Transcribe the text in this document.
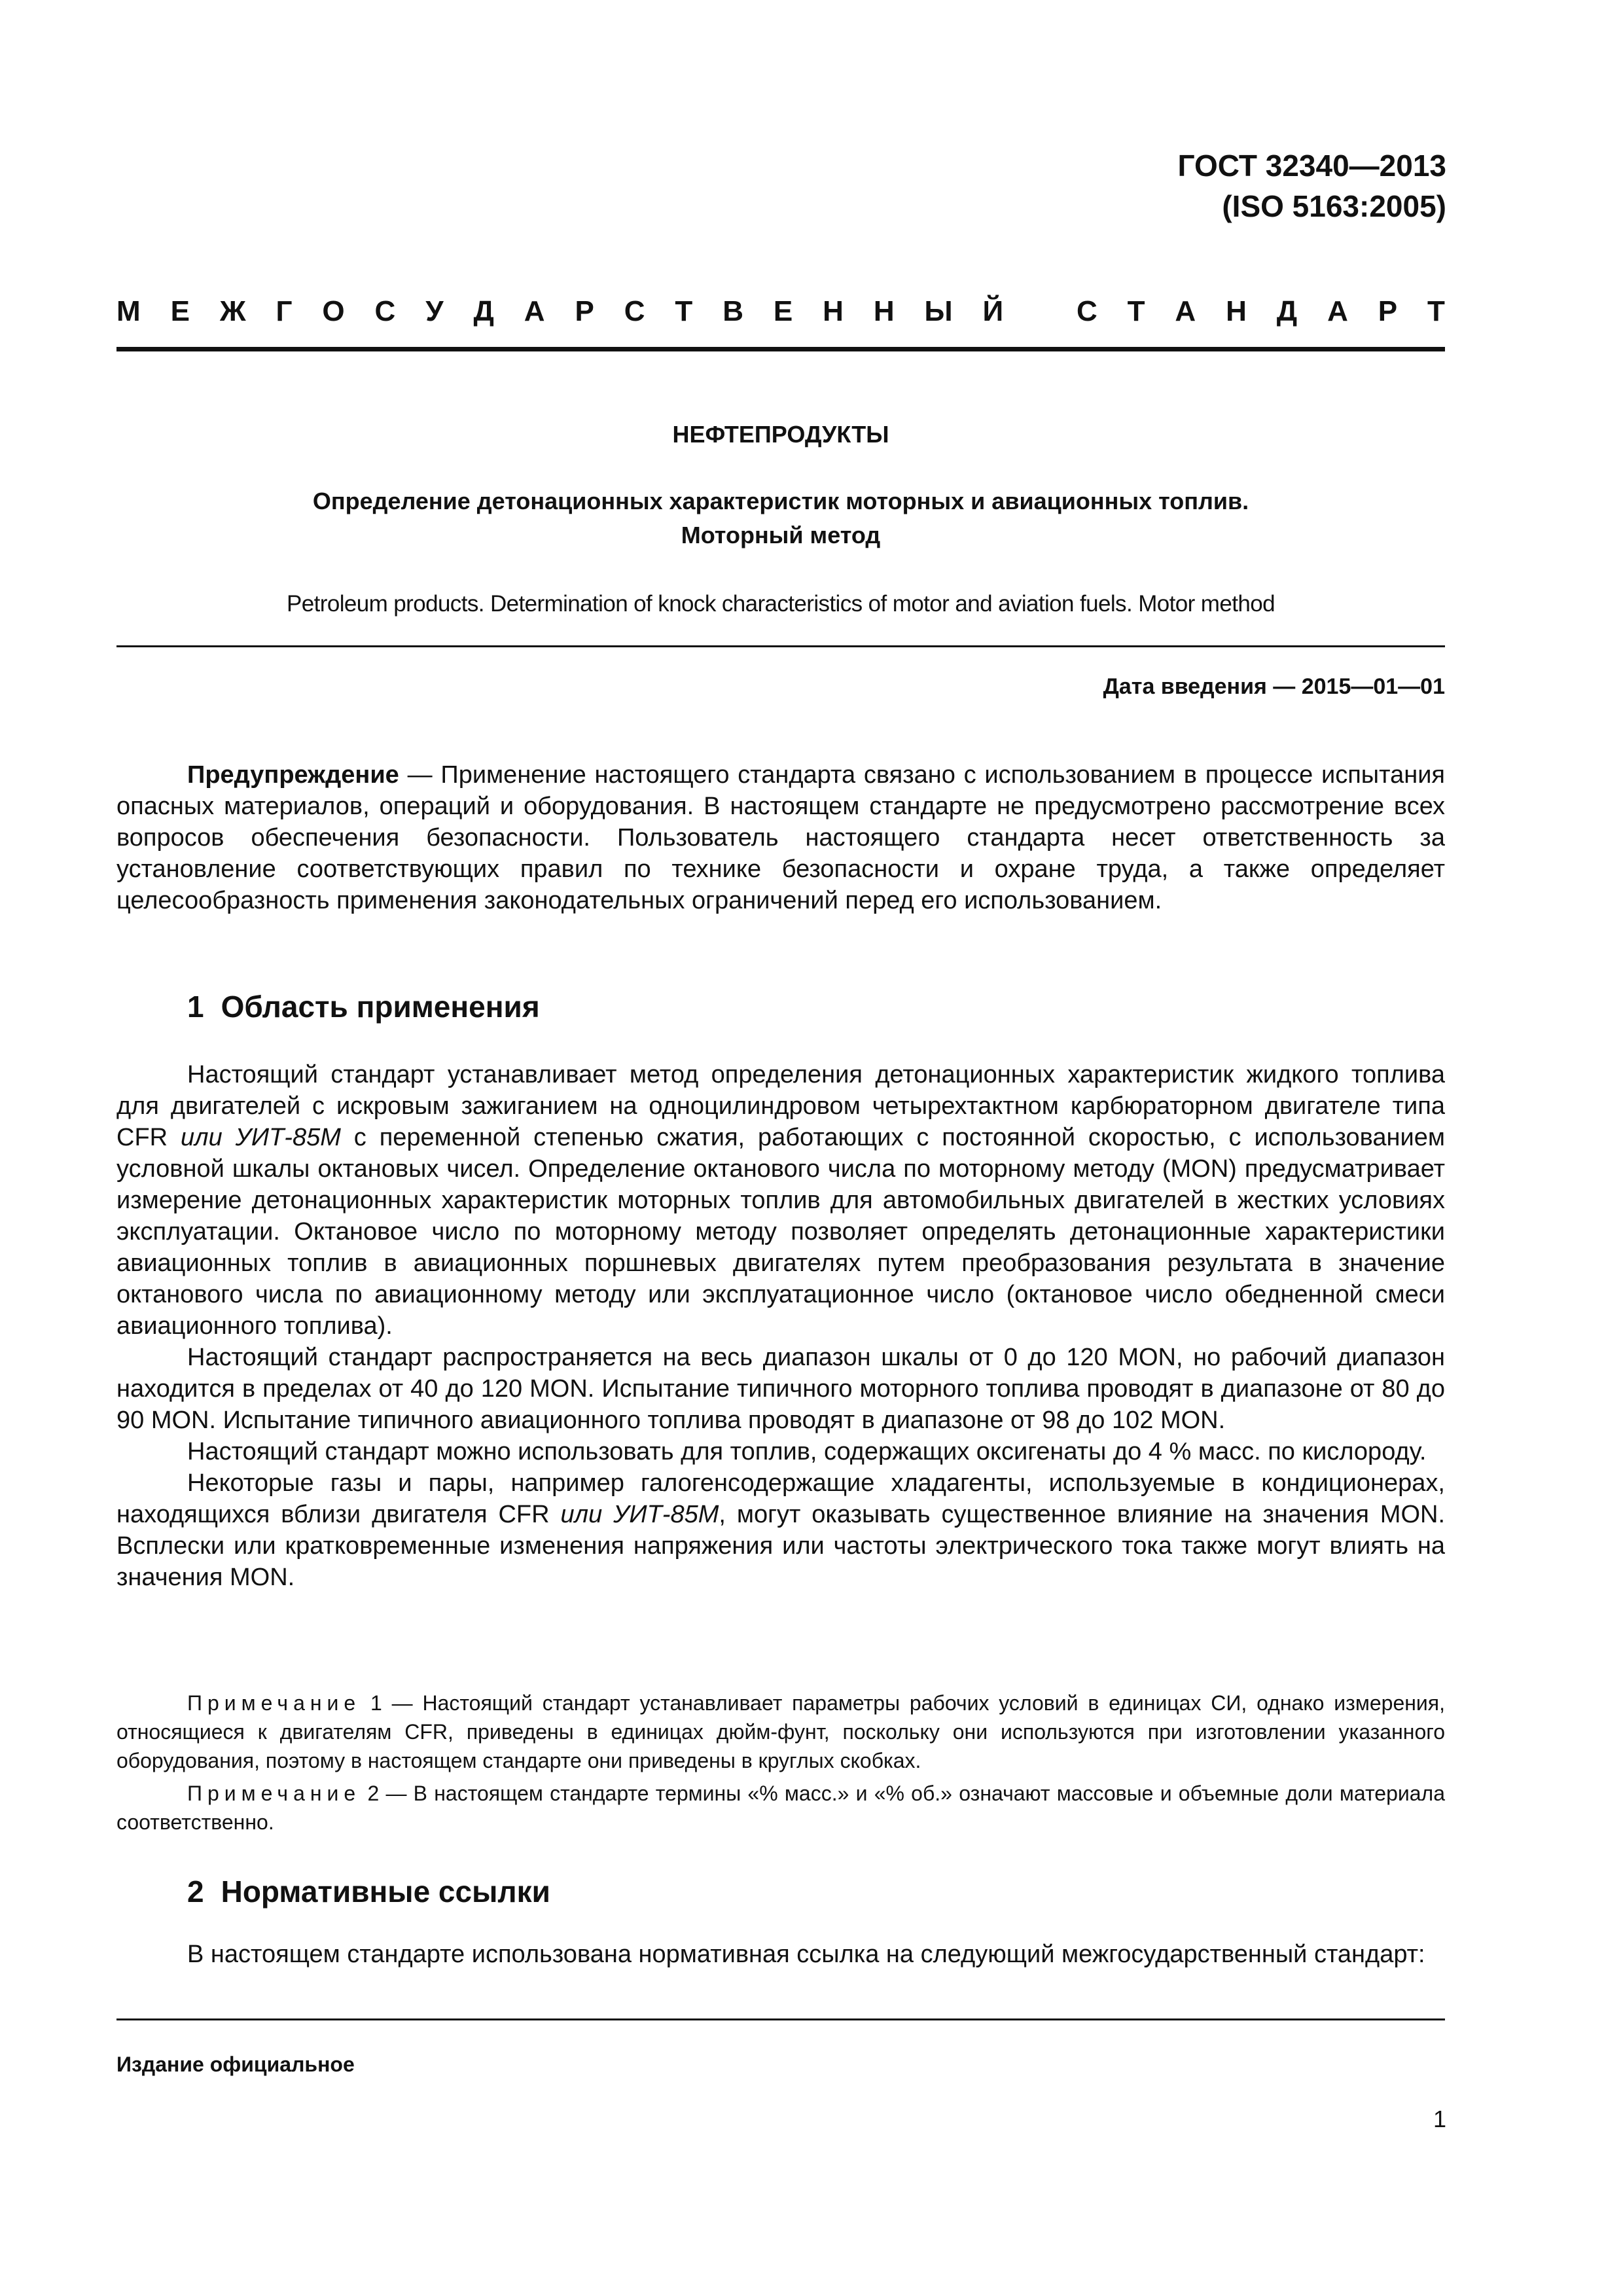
ГОСТ 32340—2013
(ISO 5163:2005)
М Е Ж Г О С У Д А Р С Т В Е Н Н Ы Й	С Т А Н Д А Р Т
НЕФТЕПРОДУКТЫ
Определение детонационных характеристик моторных и авиационных топлив.
Моторный метод
Petroleum products. Determination of knock characteristics of motor and aviation fuels. Motor method
Дата введения — 2015—01—01

Предупреждение — Применение настоящего стандарта связано с использованием в процессе испытания опасных материалов, операций и оборудования. В настоящем стандарте не предусмотрено рассмотрение всех вопросов обеспечения безопасности. Пользователь настоящего стандарта несет ответственность за установление соответствующих правил по технике безопасности и охране труда, а также определяет целесообразность применения законодательных ограничений перед его использованием.

1 Область применения

Настоящий стандарт устанавливает метод определения детонационных характеристик жидкого топлива для двигателей с искровым зажиганием на одноцилиндровом четырехтактном карбюраторном двигателе типа CFR или УИТ-85М с переменной степенью сжатия, работающих с постоянной скоростью, с использованием условной шкалы октановых чисел. Определение октанового числа по моторному методу (MON) предусматривает измерение детонационных характеристик моторных топлив для автомобильных двигателей в жестких условиях эксплуатации. Октановое число по моторному методу позволяет определять детонационные характеристики авиационных топлив в авиационных поршневых двигателях путем преобразования результата в значение октанового числа по авиационному методу или эксплуатационное число (октановое число обедненной смеси авиационного топлива).

Настоящий стандарт распространяется на весь диапазон шкалы от 0 до 120 MON, но рабочий диапазон находится в пределах от 40 до 120 MON. Испытание типичного моторного топлива проводят в диапазоне от 80 до 90 MON. Испытание типичного авиационного топлива проводят в диапазоне от 98 до 102 MON.

Настоящий стандарт можно использовать для топлив, содержащих оксигенаты до 4 % масс. по кислороду.

Некоторые газы и пары, например галогенсодержащие хладагенты, используемые в кондиционерах, находящихся вблизи двигателя CFR или УИТ-85М, могут оказывать существенное влияние на значения MON. Всплески или кратковременные изменения напряжения или частоты электрического тока также могут влиять на значения MON.

Примечание 1 — Настоящий стандарт устанавливает параметры рабочих условий в единицах СИ, однако измерения, относящиеся к двигателям CFR, приведены в единицах дюйм-фунт, поскольку они используются при изготовлении указанного оборудования, поэтому в настоящем стандарте они приведены в круглых скобках.

Примечание 2 — В настоящем стандарте термины «% масс.» и «% об.» означают массовые и объемные доли материала соответственно.

2 Нормативные ссылки

В настоящем стандарте использована нормативная ссылка на следующий межгосударственный стандарт:

Издание официальное
1
